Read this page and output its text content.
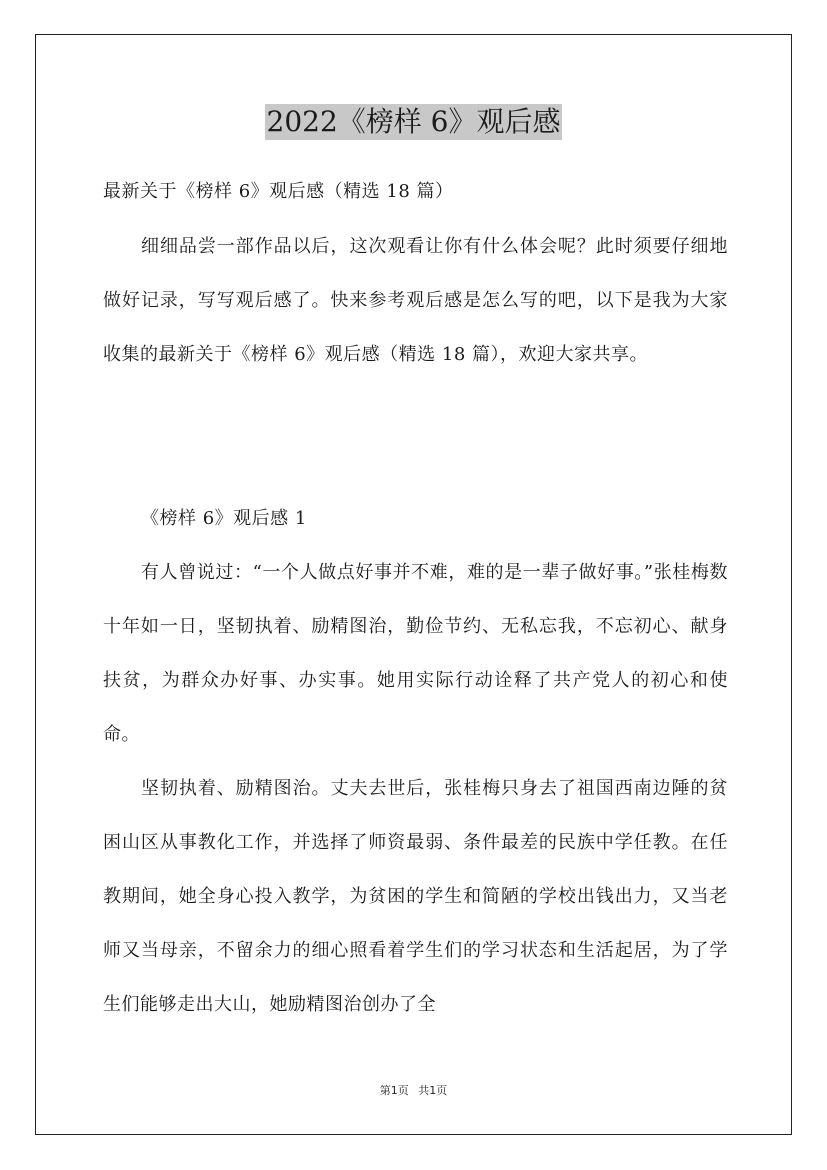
2022《榜样 6》观后感
最新关于《榜样 6》观后感（精选 18 篇）
细细品尝一部作品以后，这次观看让你有什么体会呢？此时须要仔细地做好记录，写写观后感了。快来参考观后感是怎么写的吧，以下是我为大家收集的最新关于《榜样 6》观后感（精选 18 篇），欢迎大家共享。
《榜样 6》观后感 1
有人曾说过：“一个人做点好事并不难，难的是一辈子做好事。”张桂梅数十年如一日，坚韧执着、励精图治，勤俭节约、无私忘我，不忘初心、献身扶贫，为群众办好事、办实事。她用实际行动诠释了共产党人的初心和使命。
坚韧执着、励精图治。丈夫去世后，张桂梅只身去了祖国西南边陲的贫困山区从事教化工作，并选择了师资最弱、条件最差的民族中学任教。在任教期间，她全身心投入教学，为贫困的学生和简陋的学校出钱出力，又当老师又当母亲，不留余力的细心照看着学生们的学习状态和生活起居，为了学生们能够走出大山，她励精图治创办了全
第1页 共1页
